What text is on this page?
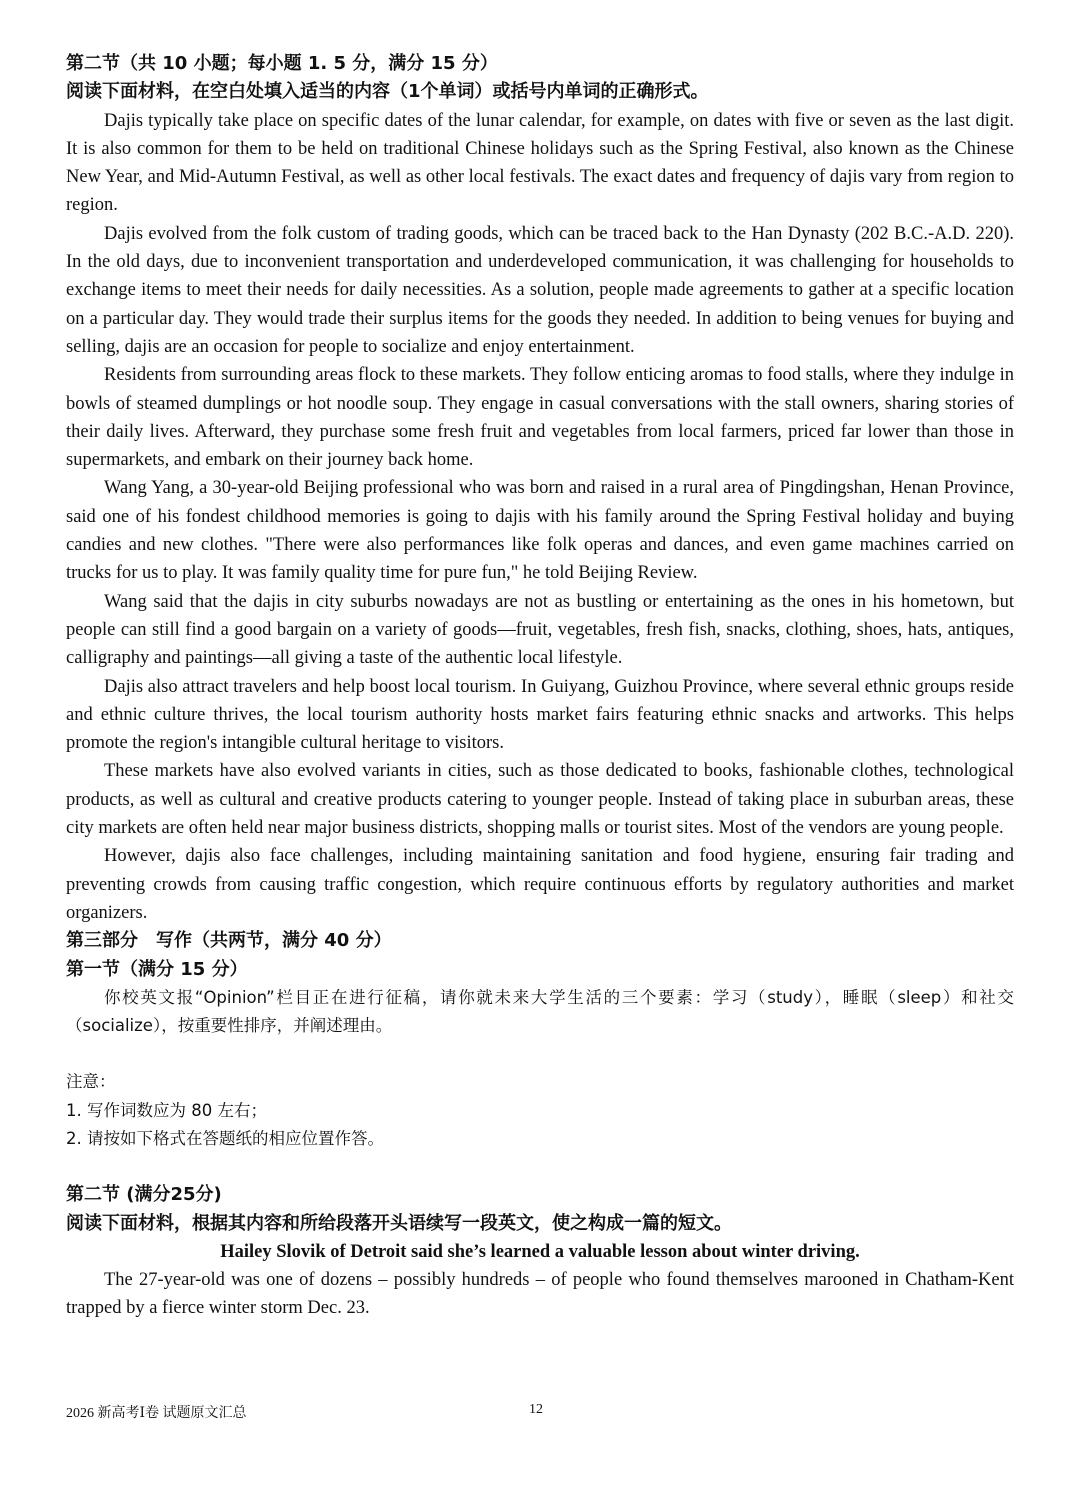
第二节（共 10 小题；每小题 1. 5 分，满分 15 分）
阅读下面材料，在空白处填入适当的内容（1个单词）或括号内单词的正确形式。

Dajis typically take place on specific dates of the lunar calendar, for example, on dates with five or seven as the last digit. It is also common for them to be held on traditional Chinese holidays such as the Spring Festival, also known as the Chinese New Year, and Mid-Autumn Festival, as well as other local festivals. The exact dates and frequency of dajis vary from region to region.

Dajis evolved from the folk custom of trading goods, which can be traced back to the Han Dynasty (202 B.C.-A.D. 220). In the old days, due to inconvenient transportation and underdeveloped communication, it was challenging for households to exchange items to meet their needs for daily necessities. As a solution, people made agreements to gather at a specific location on a particular day. They would trade their surplus items for the goods they needed. In addition to being venues for buying and selling, dajis are an occasion for people to socialize and enjoy entertainment.

Residents from surrounding areas flock to these markets. They follow enticing aromas to food stalls, where they indulge in bowls of steamed dumplings or hot noodle soup. They engage in casual conversations with the stall owners, sharing stories of their daily lives. Afterward, they purchase some fresh fruit and vegetables from local farmers, priced far lower than those in supermarkets, and embark on their journey back home.

Wang Yang, a 30-year-old Beijing professional who was born and raised in a rural area of Pingdingshan, Henan Province, said one of his fondest childhood memories is going to dajis with his family around the Spring Festival holiday and buying candies and new clothes. "There were also performances like folk operas and dances, and even game machines carried on trucks for us to play. It was family quality time for pure fun," he told Beijing Review.

Wang said that the dajis in city suburbs nowadays are not as bustling or entertaining as the ones in his hometown, but people can still find a good bargain on a variety of goods—fruit, vegetables, fresh fish, snacks, clothing, shoes, hats, antiques, calligraphy and paintings—all giving a taste of the authentic local lifestyle.

Dajis also attract travelers and help boost local tourism. In Guiyang, Guizhou Province, where several ethnic groups reside and ethnic culture thrives, the local tourism authority hosts market fairs featuring ethnic snacks and artworks. This helps promote the region's intangible cultural heritage to visitors.

These markets have also evolved variants in cities, such as those dedicated to books, fashionable clothes, technological products, as well as cultural and creative products catering to younger people. Instead of taking place in suburban areas, these city markets are often held near major business districts, shopping malls or tourist sites. Most of the vendors are young people.

However, dajis also face challenges, including maintaining sanitation and food hygiene, ensuring fair trading and preventing crowds from causing traffic congestion, which require continuous efforts by regulatory authorities and market organizers.

第三部分　写作（共两节，满分 40 分）
第一节（满分 15 分）

你校英文报“Opinion”栏目正在进行征稿，请你就未来大学生活的三个要素：学习（study），睡眠（sleep）和社交（socialize），按重要性排序，并阐述理由。

注意：
1. 写作词数应为 80 左右；
2. 请按如下格式在答题纸的相应位置作答。
第二节 (满分25分)
阅读下面材料，根据其内容和所给段落开头语续写一段英文，使之构成一篇的短文。
Hailey Slovik of Detroit said she’s learned a valuable lesson about winter driving.

The 27-year-old was one of dozens – possibly hundreds – of people who found themselves marooned in Chatham-Kent trapped by a fierce winter storm Dec. 23.

2026 新高考Ⅰ卷 试题原文汇总	12
